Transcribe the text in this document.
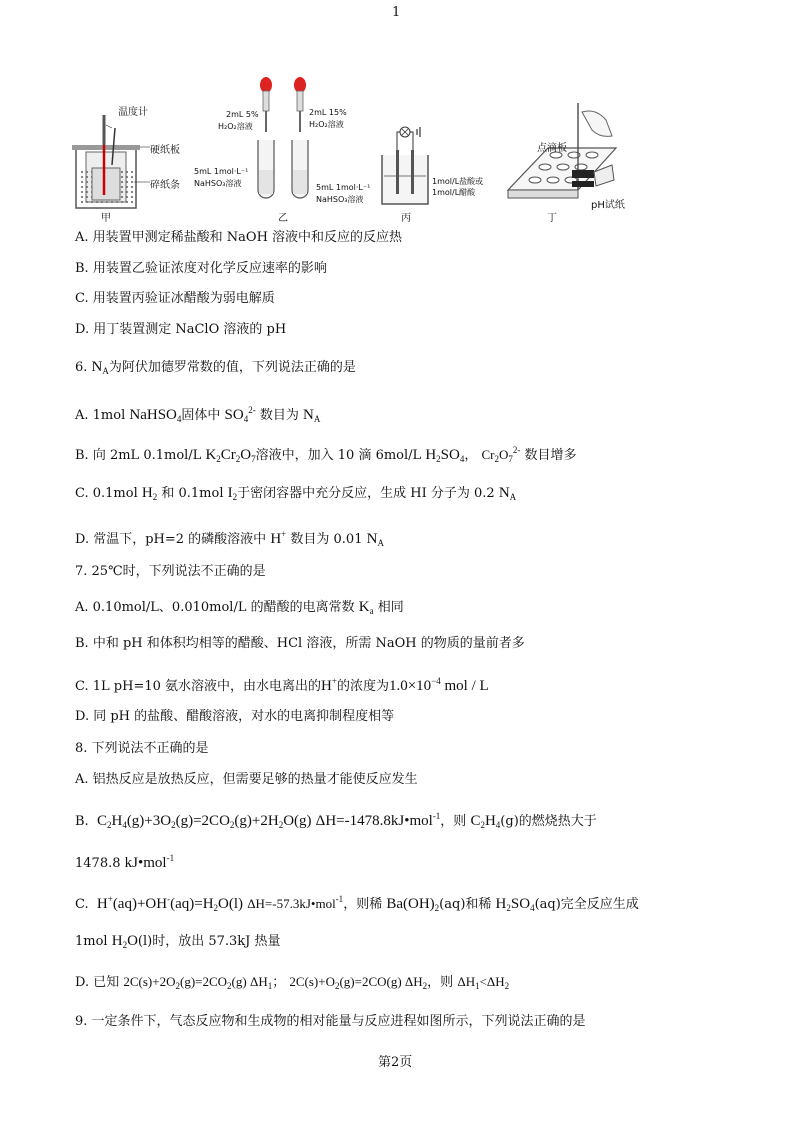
1
温度计
硬纸板
碎纸条
甲
2mL 5%
H₂O₂溶液
2mL 15%
H₂O₂溶液
5mL 1mol·L⁻¹
NaHSO₃溶液	5mL 1mol·L⁻¹
NaHSO₃溶液
乙
1mol/L盐酸或
1mol/L醋酸
丙
点滴板
pH试纸
丁
A. 用装置甲测定稀盐酸和 NaOH 溶液中和反应的反应热
B. 用装置乙验证浓度对化学反应速率的影响
C. 用装置丙验证冰醋酸为弱电解质
D. 用丁装置测定 NaClO 溶液的 pH
6. $N_A$为阿伏加德罗常数的值，下列说法正确的是
A. 1mol NaHSO$_4$固体中 $SO_4^{2-}$ 数目为 $N_A$
B. 向 2mL 0.1mol/L $K_2Cr_2O_7$溶液中，加入 10 滴 6mol/L $H_2SO_4$， $Cr_2O_7^{2-}$ 数目增多
C. 0.1mol $H_2$ 和 0.1mol $I_2$于密闭容器中充分反应，生成 HI 分子为 0.2 $N_A$
D. 常温下，pH=2 的磷酸溶液中 H+ 数目为 0.01 $N_A$
7. 25℃时，下列说法不正确的是
A. 0.10mol/L、0.010mol/L 的醋酸的电离常数 $K_a$ 相同
B. 中和 pH 和体积均相等的醋酸、HCl 溶液，所需 NaOH 的物质的量前者多
C. 1L pH=10 氨水溶液中，由水电离出的H+的浓度为$1.0\times 10^{-4}$ mol / L
D. 同 pH 的盐酸、醋酸溶液，对水的电离抑制程度相等
8. 下列说法不正确的是
A. 铝热反应是放热反应，但需要足够的热量才能使反应发生
B. $C_2H_4(g)+3O_2(g)=2CO_2(g)+2H_2O(g)$ ΔH=-1478.8kJ•mol$^{-1}$，则 $C_2H_4(g)$的燃烧热大于
1478.8 kJ•mol$^{-1}$
C. $H^+(aq)+OH^-(aq)=H_2O(l)$ ΔH=-57.3kJ•mol$^{-1}$，则稀 $Ba(OH)_2(aq)$和稀 $H_2SO_4(aq)$完全反应生成
1mol $H_2O(l)$时，放出 57.3kJ 热量
D. 已知 $2C(s)+2O_2(g)=2CO_2(g)$ $\Delta H_1$； $2C(s)+O_2(g)=2CO(g)$ $\Delta H_2$，则 $\Delta H_1<\Delta H_2$
9. 一定条件下，气态反应物和生成物的相对能量与反应进程如图所示，下列说法正确的是
第2页
